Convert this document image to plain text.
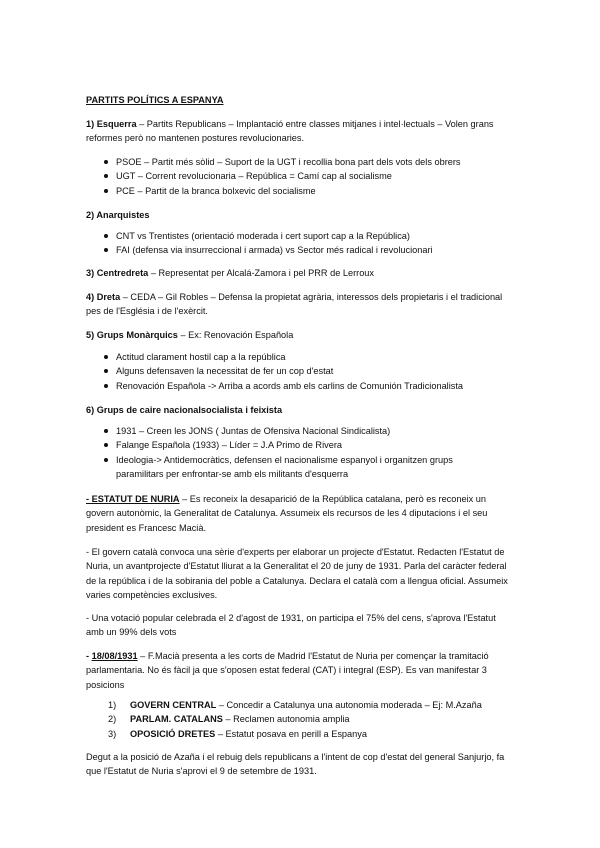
PARTITS POLÍTICS A ESPANYA

1) Esquerra – Partits Republicans – Implantació entre classes mitjanes i intel·lectuals – Volen grans reformes però no mantenen postures revolucionaries.

PSOE – Partit més sòlid – Suport de la UGT i recollia bona part dels vots dels obrers
UGT – Corrent revolucionaria – República = Camí cap al socialisme
PCE – Partit de la branca bolxevic del socialisme

2) Anarquistes

CNT vs Trentistes (orientació moderada i cert suport cap a la República)
FAI (defensa via insurreccional i armada) vs Sector més radical i revolucionari

3) Centredreta – Representat per Alcalá-Zamora i pel PRR de Lerroux

4) Dreta – CEDA – Gil Robles – Defensa la propietat agrària, interessos dels propietaris i el tradicional pes de l'Església i de l'exèrcit.

5) Grups Monàrquics – Ex: Renovación Española

Actitud clarament hostil cap a la república
Alguns defensaven la necessitat de fer un cop d'estat
Renovación Española -> Arriba a acords amb els carlins de Comunión Tradicionalista

6) Grups de caire nacionalsocialista i feixista

1931 – Creen les JONS ( Juntas de Ofensiva Nacional Sindicalista)
Falange Española (1933) – Líder = J.A Primo de Rivera
Ideologia-> Antidemocràtics, defensen el nacionalisme espanyol i organitzen grups paramilitars per enfrontar-se amb els militants d'esquerra

- ESTATUT DE NURIA – Es reconeix la desaparició de la República catalana, però es reconeix un govern autonòmic, la Generalitat de Catalunya. Assumeix els recursos de les 4 diputacions i el seu president es Francesc Macià.

- El govern català convoca una sèrie d'experts per elaborar un projecte d'Estatut. Redacten l'Estatut de Nuria, un avantprojecte d'Estatut lliurat a la Generalitat el 20 de juny de 1931. Parla del caràcter federal de la república i de la sobirania del poble a Catalunya. Declara el català com a llengua oficial. Assumeix varies competències exclusives.

- Una votació popular celebrada el 2 d'agost de 1931, on participa el 75% del cens, s'aprova l'Estatut amb un 99% dels vots

- 18/08/1931 – F.Macià presenta a les corts de Madrid l'Estatut de Nuria per començar la tramitació parlamentaria. No és fàcil ja que s'oposen estat federal (CAT) i integral (ESP). Es van manifestar 3 posicions

1) GOVERN CENTRAL – Concedir a Catalunya una autonomia moderada – Ej: M.Azaña
2) PARLAM. CATALANS – Reclamen autonomia amplia
3) OPOSICIÓ DRETES – Estatut posava en perill a Espanya

Degut a la posició de Azaña i el rebuig dels republicans a l'intent de cop d'estat del general Sanjurjo, fa que l'Estatut de Nuria s'aprovi el 9 de setembre de 1931.
